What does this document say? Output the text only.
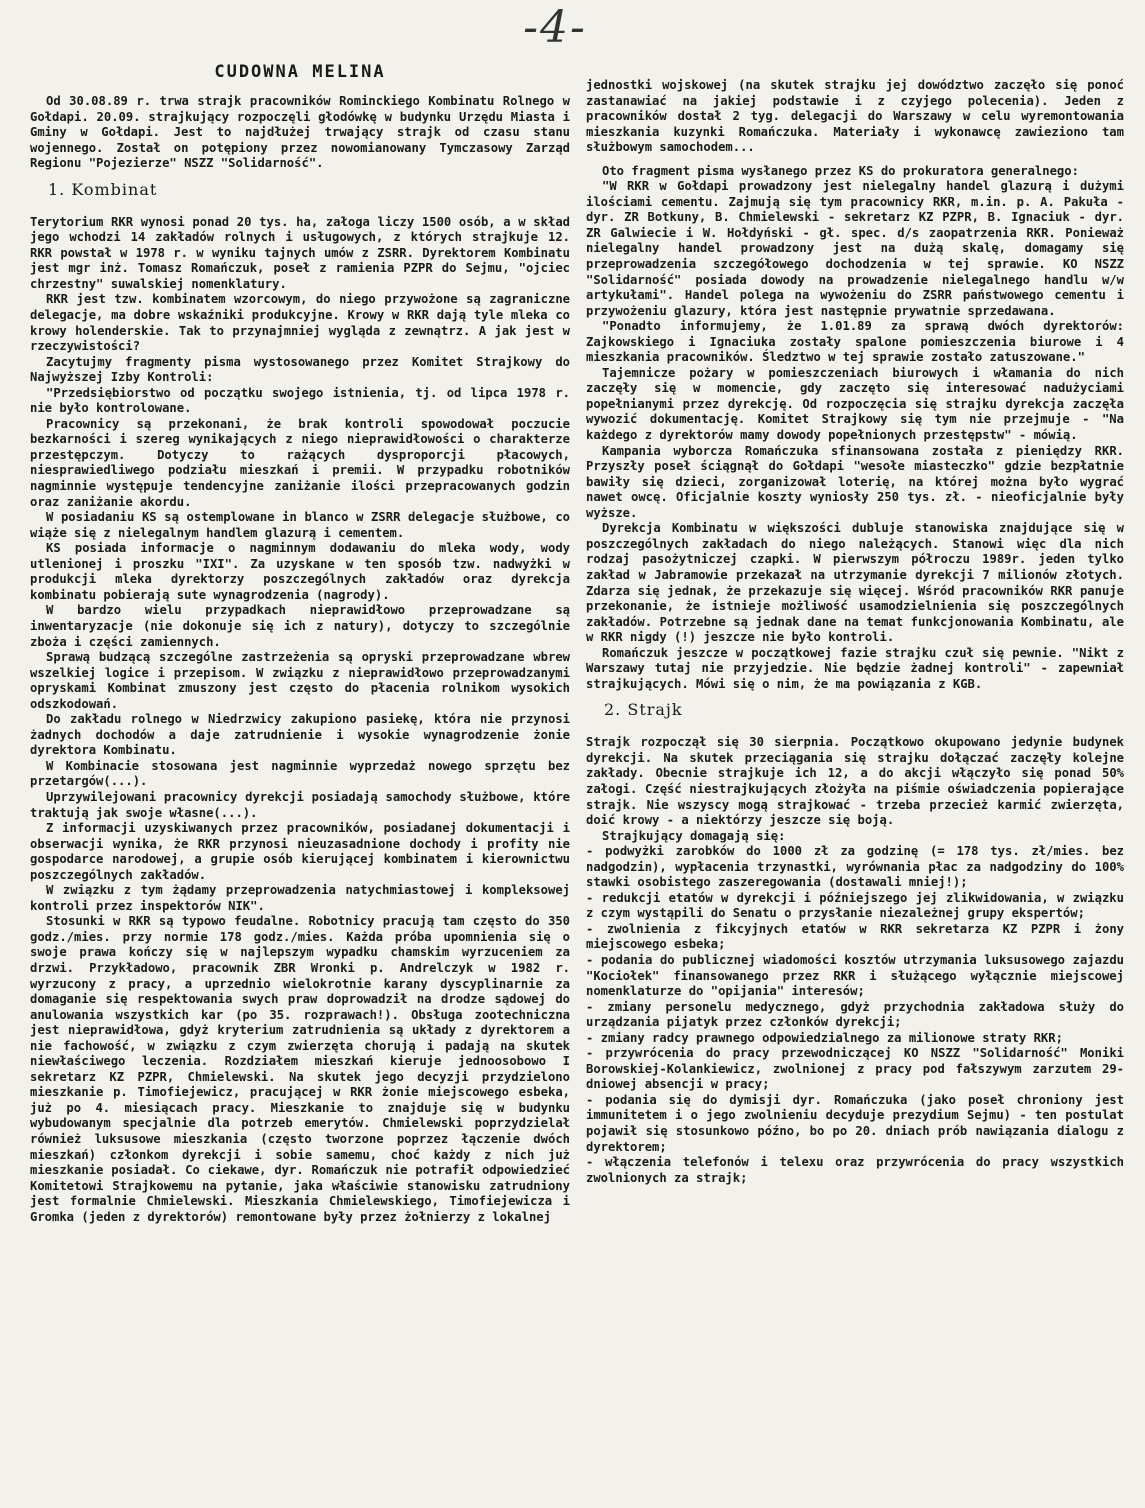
-4-
CUDOWNA MELINA

Od 30.08.89 r. trwa strajk pracowników Rominckiego Kombinatu Rolnego w Gołdapi. 20.09. strajkujący rozpoczęli głodówkę w budynku Urzędu Miasta i Gminy w Gołdapi. Jest to najdłużej trwający strajk od czasu stanu wojennego. Został on potępiony przez nowomianowany Tymczasowy Zarząd Regionu "Pojezierze" NSZZ "Solidarność".

1. Kombinat

Terytorium RKR wynosi ponad 20 tys. ha, załoga liczy 1500 osób, a w skład jego wchodzi 14 zakładów rolnych i usługowych, z których strajkuje 12. RKR powstał w 1978 r. w wyniku tajnych umów z ZSRR. Dyrektorem Kombinatu jest mgr inż. Tomasz Romańczuk, poseł z ramienia PZPR do Sejmu, "ojciec chrzestny" suwalskiej nomenklatury.

RKR jest tzw. kombinatem wzorcowym, do niego przywożone są zagraniczne delegacje, ma dobre wskaźniki produkcyjne. Krowy w RKR dają tyle mleka co krowy holenderskie. Tak to przynajmniej wygląda z zewnątrz. A jak jest w rzeczywistości?

Zacytujmy fragmenty pisma wystosowanego przez Komitet Strajkowy do Najwyższej Izby Kontroli:

"Przedsiębiorstwo od początku swojego istnienia, tj. od lipca 1978 r. nie było kontrolowane.

Pracownicy są przekonani, że brak kontroli spowodował poczucie bezkarności i szereg wynikających z niego nieprawidłowości o charakterze przestępczym. Dotyczy to rażących dysproporcji płacowych, niesprawiedliwego podziału mieszkań i premii. W przypadku robotników nagminnie występuje tendencyjne zaniżanie ilości przepracowanych godzin oraz zaniżanie akordu.

W posiadaniu KS są ostemplowane in blanco w ZSRR delegacje służbowe, co wiąże się z nielegalnym handlem glazurą i cementem.

KS posiada informacje o nagminnym dodawaniu do mleka wody, wody utlenionej i proszku "IXI". Za uzyskane w ten sposób tzw. nadwyżki w produkcji mleka dyrektorzy poszczególnych zakładów oraz dyrekcja kombinatu pobierają sute wynagrodzenia (nagrody).

W bardzo wielu przypadkach nieprawidłowo przeprowadzane są inwentaryzacje (nie dokonuje się ich z natury), dotyczy to szczególnie zboża i części zamiennych.

Sprawą budzącą szczególne zastrzeżenia są opryski przeprowadzane wbrew wszelkiej logice i przepisom. W związku z nieprawidłowo przeprowadzanymi opryskami Kombinat zmuszony jest często do płacenia rolnikom wysokich odszkodowań.

Do zakładu rolnego w Niedrzwicy zakupiono pasiekę, która nie przynosi żadnych dochodów a daje zatrudnienie i wysokie wynagrodzenie żonie dyrektora Kombinatu.

W Kombinacie stosowana jest nagminnie wyprzedaż nowego sprzętu bez przetargów(...).

Uprzywilejowani pracownicy dyrekcji posiadają samochody służbowe, które traktują jak swoje własne(...).

Z informacji uzyskiwanych przez pracowników, posiadanej dokumentacji i obserwacji wynika, że RKR przynosi nieuzasadnione dochody i profity nie gospodarce narodowej, a grupie osób kierującej kombinatem i kierownictwu poszczególnych zakładów.

W związku z tym żądamy przeprowadzenia natychmiastowej i kompleksowej kontroli przez inspektorów NIK".

Stosunki w RKR są typowo feudalne. Robotnicy pracują tam często do 350 godz./mies. przy normie 178 godz./mies. Każda próba upomnienia się o swoje prawa kończy się w najlepszym wypadku chamskim wyrzuceniem za drzwi. Przykładowo, pracownik ZBR Wronki p. Andrelczyk w 1982 r. wyrzucony z pracy, a uprzednio wielokrotnie karany dyscyplinarnie za domaganie się respektowania swych praw doprowadził na drodze sądowej do anulowania wszystkich kar (po 35. rozprawach!). Obsługa zootechniczna jest nieprawidłowa, gdyż kryterium zatrudnienia są układy z dyrektorem a nie fachowość, w związku z czym zwierzęta chorują i padają na skutek niewłaściwego leczenia. Rozdziałem mieszkań kieruje jednoosobowo I sekretarz KZ PZPR, Chmielewski. Na skutek jego decyzji przydzielono mieszkanie p. Timofiejewicz, pracującej w RKR żonie miejscowego esbeka, już po 4. miesiącach pracy. Mieszkanie to znajduje się w budynku wybudowanym specjalnie dla potrzeb emerytów. Chmielewski poprzydzielał również luksusowe mieszkania (często tworzone poprzez łączenie dwóch mieszkań) członkom dyrekcji i sobie samemu, choć każdy z nich już mieszkanie posiadał. Co ciekawe, dyr. Romańczuk nie potrafił odpowiedzieć Komitetowi Strajkowemu na pytanie, jaka właściwie stanowisku zatrudniony jest formalnie Chmielewski. Mieszkania Chmielewskiego, Timofiejewicza i Gromka (jeden z dyrektorów) remontowane były przez żołnierzy z lokalnej

jednostki wojskowej (na skutek strajku jej dowództwo zaczęło się ponoć zastanawiać na jakiej podstawie i z czyjego polecenia). Jeden z pracowników dostał 2 tyg. delegacji do Warszawy w celu wyremontowania mieszkania kuzynki Romańczuka. Materiały i wykonawcę zawieziono tam służbowym samochodem...

Oto fragment pisma wysłanego przez KS do prokuratora generalnego:

"W RKR w Gołdapi prowadzony jest nielegalny handel glazurą i dużymi ilościami cementu. Zajmują się tym pracownicy RKR, m.in. p. A. Pakuła - dyr. ZR Botkuny, B. Chmielewski - sekretarz KZ PZPR, B. Ignaciuk - dyr. ZR Galwiecie i W. Hołdyński - gł. spec. d/s zaopatrzenia RKR. Ponieważ nielegalny handel prowadzony jest na dużą skalę, domagamy się przeprowadzenia szczegółowego dochodzenia w tej sprawie. KO NSZZ "Solidarność" posiada dowody na prowadzenie nielegalnego handlu w/w artykułami". Handel polega na wywożeniu do ZSRR państwowego cementu i przywożeniu glazury, która jest następnie prywatnie sprzedawana.

"Ponadto informujemy, że 1.01.89 za sprawą dwóch dyrektorów: Zajkowskiego i Ignaciuka zostały spalone pomieszczenia biurowe i 4 mieszkania pracowników. Śledztwo w tej sprawie zostało zatuszowane."

Tajemnicze pożary w pomieszczeniach biurowych i włamania do nich zaczęły się w momencie, gdy zaczęto się interesować nadużyciami popełnianymi przez dyrekcję. Od rozpoczęcia się strajku dyrekcja zaczęła wywozić dokumentację. Komitet Strajkowy się tym nie przejmuje - "Na każdego z dyrektorów mamy dowody popełnionych przestępstw" - mówią.

Kampania wyborcza Romańczuka sfinansowana została z pieniędzy RKR. Przyszły poseł ściągnął do Gołdapi "wesołe miasteczko" gdzie bezpłatnie bawiły się dzieci, zorganizował loterię, na której można było wygrać nawet owcę. Oficjalnie koszty wyniosły 250 tys. zł. - nieoficjalnie były wyższe.

Dyrekcja Kombinatu w większości dubluje stanowiska znajdujące się w poszczególnych zakładach do niego należących. Stanowi więc dla nich rodzaj pasożytniczej czapki. W pierwszym półroczu 1989r. jeden tylko zakład w Jabramowie przekazał na utrzymanie dyrekcji 7 milionów złotych. Zdarza się jednak, że przekazuje się więcej. Wśród pracowników RKR panuje przekonanie, że istnieje możliwość usamodzielnienia się poszczególnych zakładów. Potrzebne są jednak dane na temat funkcjonowania Kombinatu, ale w RKR nigdy (!) jeszcze nie było kontroli.

Romańczuk jeszcze w początkowej fazie strajku czuł się pewnie. "Nikt z Warszawy tutaj nie przyjedzie. Nie będzie żadnej kontroli" - zapewniał strajkujących. Mówi się o nim, że ma powiązania z KGB.

2. Strajk

Strajk rozpoczął się 30 sierpnia. Początkowo okupowano jedynie budynek dyrekcji. Na skutek przeciągania się strajku dołączać zaczęły kolejne zakłady. Obecnie strajkuje ich 12, a do akcji włączyło się ponad 50% załogi. Część niestrajkujących złożyła na piśmie oświadczenia popierające strajk. Nie wszyscy mogą strajkować - trzeba przecież karmić zwierzęta, doić krowy - a niektórzy jeszcze się boją.

Strajkujący domagają się:

- podwyżki zarobków do 1000 zł za godzinę (= 178 tys. zł/mies. bez nadgodzin), wypłacenia trzynastki, wyrównania płac za nadgodziny do 100% stawki osobistego zaszeregowania (dostawali mniej!);

- redukcji etatów w dyrekcji i późniejszego jej zlikwidowania, w związku z czym wystąpili do Senatu o przysłanie niezależnej grupy ekspertów;

- zwolnienia z fikcyjnych etatów w RKR sekretarza KZ PZPR i żony miejscowego esbeka;

- podania do publicznej wiadomości kosztów utrzymania luksusowego zajazdu "Kociołek" finansowanego przez RKR i służącego wyłącznie miejscowej nomenklaturze do "opijania" interesów;

- zmiany personelu medycznego, gdyż przychodnia zakładowa służy do urządzania pijatyk przez członków dyrekcji;

- zmiany radcy prawnego odpowiedzialnego za milionowe straty RKR;

- przywrócenia do pracy przewodniczącej KO NSZZ "Solidarność" Moniki Borowskiej-Kolankiewicz, zwolnionej z pracy pod fałszywym zarzutem 29-dniowej absencji w pracy;

- podania się do dymisji dyr. Romańczuka (jako poseł chroniony jest immunitetem i o jego zwolnieniu decyduje prezydium Sejmu) - ten postulat pojawił się stosunkowo późno, bo po 20. dniach prób nawiązania dialogu z dyrektorem;

- włączenia telefonów i telexu oraz przywrócenia do pracy wszystkich zwolnionych za strajk;
